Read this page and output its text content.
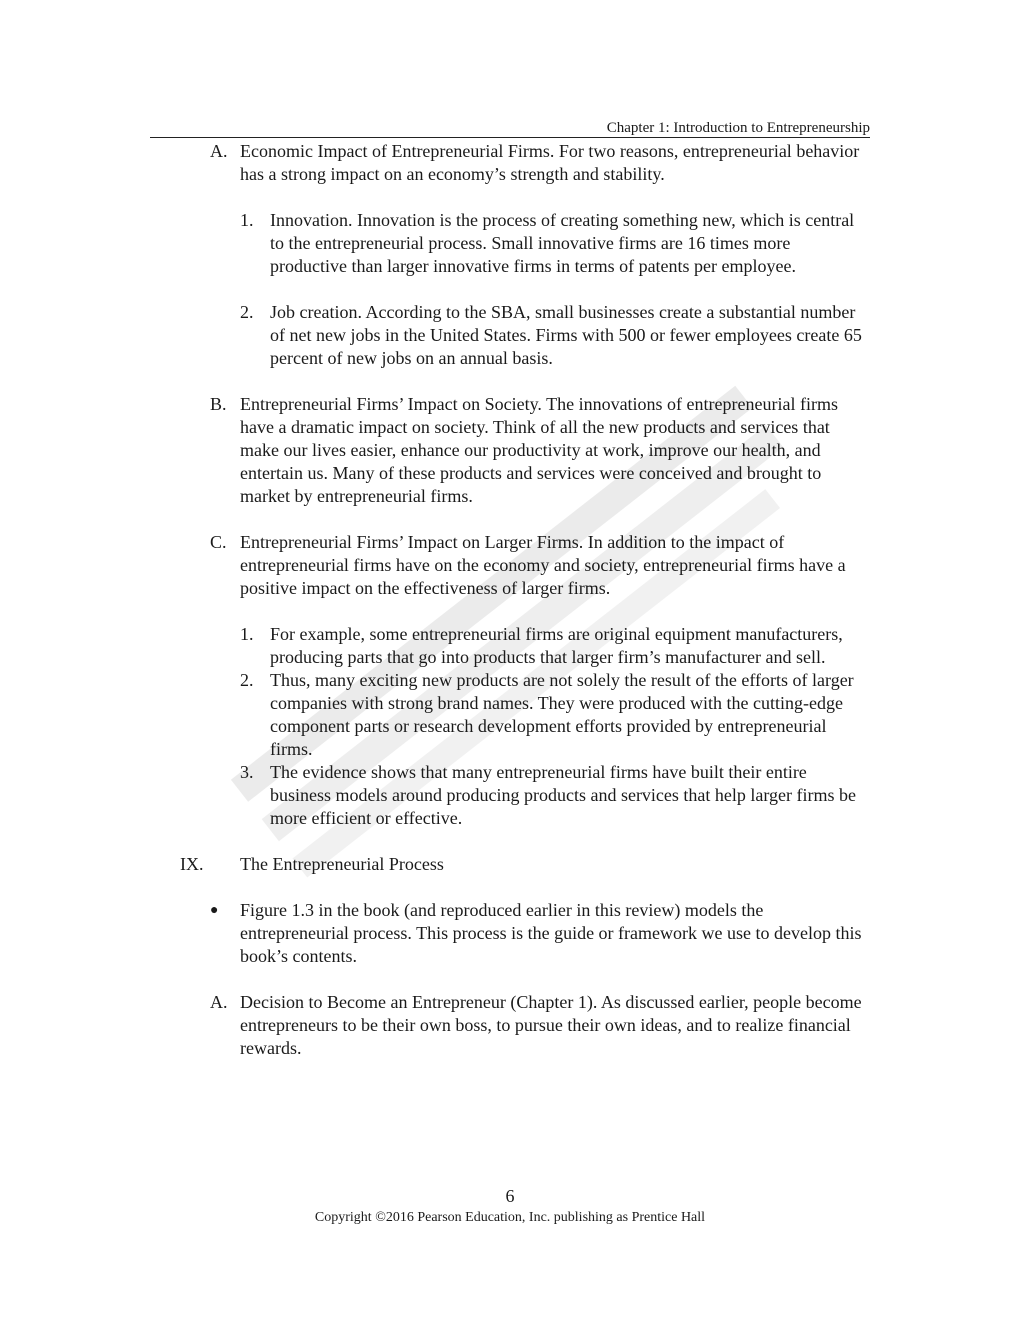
Chapter 1: Introduction to Entrepreneurship
A. Economic Impact of Entrepreneurial Firms. For two reasons, entrepreneurial behavior has a strong impact on an economy’s strength and stability.
1. Innovation. Innovation is the process of creating something new, which is central to the entrepreneurial process. Small innovative firms are 16 times more productive than larger innovative firms in terms of patents per employee.
2. Job creation. According to the SBA, small businesses create a substantial number of net new jobs in the United States. Firms with 500 or fewer employees create 65 percent of new jobs on an annual basis.
B. Entrepreneurial Firms’ Impact on Society. The innovations of entrepreneurial firms have a dramatic impact on society. Think of all the new products and services that make our lives easier, enhance our productivity at work, improve our health, and entertain us. Many of these products and services were conceived and brought to market by entrepreneurial firms.
C. Entrepreneurial Firms’ Impact on Larger Firms. In addition to the impact of entrepreneurial firms have on the economy and society, entrepreneurial firms have a positive impact on the effectiveness of larger firms.
1. For example, some entrepreneurial firms are original equipment manufacturers, producing parts that go into products that larger firm’s manufacturer and sell.
2. Thus, many exciting new products are not solely the result of the efforts of larger companies with strong brand names. They were produced with the cutting-edge component parts or research development efforts provided by entrepreneurial firms.
3. The evidence shows that many entrepreneurial firms have built their entire business models around producing products and services that help larger firms be more efficient or effective.
IX.	The Entrepreneurial Process
●	Figure 1.3 in the book (and reproduced earlier in this review) models the entrepreneurial process. This process is the guide or framework we use to develop this book’s contents.
A. Decision to Become an Entrepreneur (Chapter 1). As discussed earlier, people become entrepreneurs to be their own boss, to pursue their own ideas, and to realize financial rewards.
6
Copyright ©2016 Pearson Education, Inc. publishing as Prentice Hall
